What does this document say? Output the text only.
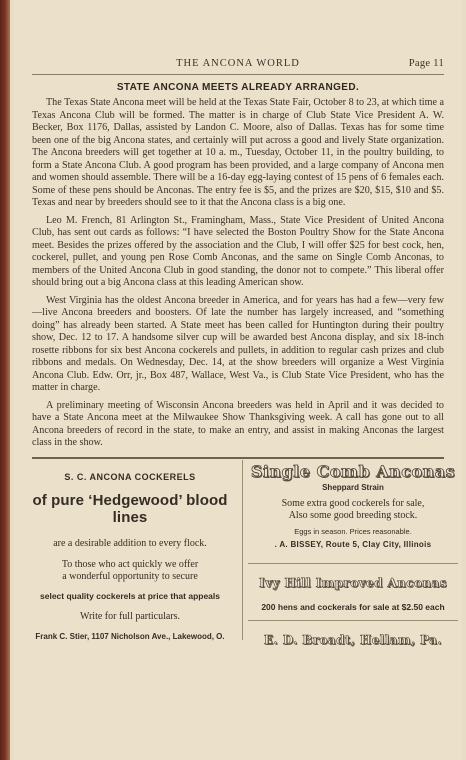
THE ANCONA WORLD	Page 11
STATE ANCONA MEETS ALREADY ARRANGED.

The Texas State Ancona meet will be held at the Texas State Fair, October 8 to 23, at which time a Texas Ancona Club will be formed. The matter is in charge of Club State Vice President A. W. Becker, Box 1176, Dallas, assisted by Landon C. Moore, also of Dallas. Texas has for some time been one of the big Ancona states, and certainly will put across a good and lively State organization. The Ancona breeders will get together at 10 a. m., Tuesday, October 11, in the poultry building, to form a State Ancona Club. A good program has been provided, and a large company of Ancona men and women should assemble. There will be a 16-day egg-laying contest of 15 pens of 6 females each. Some of these pens should be Anconas. The entry fee is $5, and the prizes are $20, $15, $10 and $5. Texas and near by breeders should see to it that the Ancona class is a big one.

Leo M. French, 81 Arlington St., Framingham, Mass., State Vice President of United Ancona Club, has sent out cards as follows: “I have selected the Boston Poultry Show for the State Ancona meet. Besides the prizes offered by the association and the Club, I will offer $25 for best cock, hen, cockerel, pullet, and young pen Rose Comb Anconas, and the same on Single Comb Anconas, to members of the United Ancona Club in good standing, the donor not to compete.” This liberal offer should bring out a big Ancona class at this leading American show.

West Virginia has the oldest Ancona breeder in America, and for years has had a few—very few—live Ancona breeders and boosters. Of late the number has largely increased, and “something doing” has already been started. A State meet has been called for Huntington during their poultry show, Dec. 12 to 17. A handsome silver cup will be awarded best Ancona display, and six 18-inch rosette ribbons for six best Ancona cockerels and pullets, in addition to regular cash prizes and club ribbons and medals. On Wednesday, Dec. 14, at the show breeders will organize a West Virginia Ancona Club. Edw. Orr, jr., Box 487, Wallace, West Va., is Club State Vice President, who has the matter in charge.

A preliminary meeting of Wisconsin Ancona breeders was held in April and it was decided to have a State Ancona meet at the Milwaukee Show Thanksgiving week. A call has gone out to all Ancona breeders of record in the state, to make an entry, and assist in making Anconas the largest class in the show.

S. C. ANCONA COCKERELS
of pure ‘Hedgewood’ blood lines
are a desirable addition to every flock.
To those who act quickly we offer
a wonderful opportunity to secure
select quality cockerels at price that appeals
Write for full particulars.
Frank C. Stier, 1107 Nicholson Ave., Lakewood, O.
Single Comb Anconas
Sheppard Strain
Some extra good cockerels for sale,
Also some good breeding stock.
Eggs in season. Prices reasonable.
. A. BISSEY, Route 5, Clay City, Illinois
Ivy Hill Improved Anconas
200 hens and cockerals for sale at $2.50 each
E. D. Broadt, Hellam, Pa.
